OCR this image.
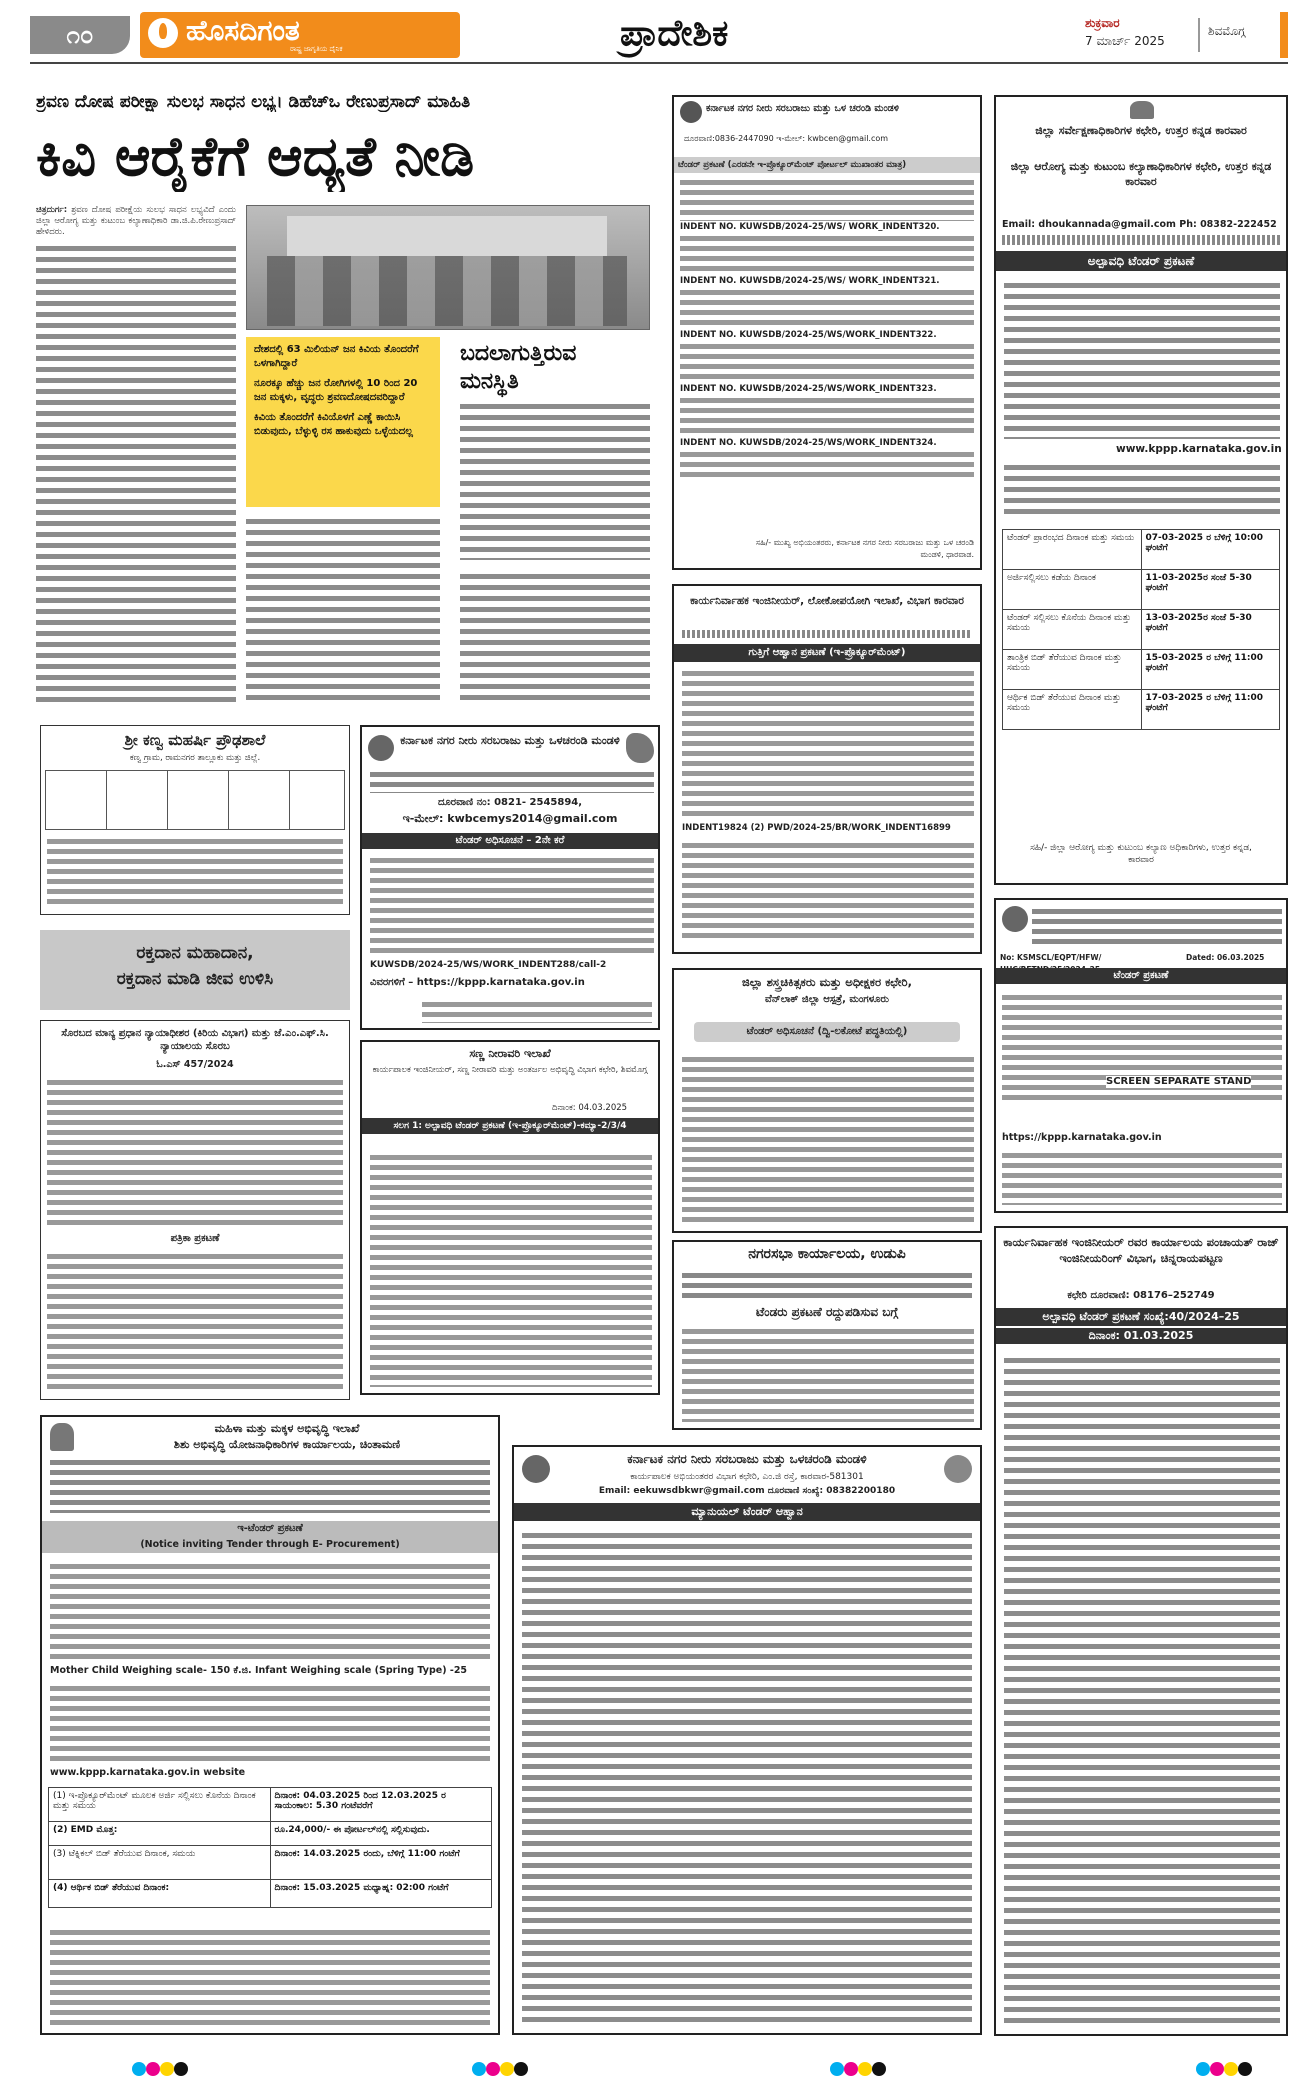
೧೦	ಹೊಸದಿಗಂತ
ರಾಷ್ಟ್ರ ಜಾಗೃತಿಯ ದೈನಿಕ	ಪ್ರಾದೇಶಿಕ	ಶುಕ್ರವಾರ
7 ಮಾರ್ಚ್ 2025
ಶಿವಮೊಗ್ಗ
ಶ್ರವಣ ದೋಷ ಪರೀಕ್ಷಾ ಸುಲಭ ಸಾಧನ ಲಭ್ಯ। ಡಿಹೆಚ್‌ಒ ರೇಣುಪ್ರಸಾದ್ ಮಾಹಿತಿ
ಕಿವಿ ಆರೈಕೆಗೆ ಆದ್ಯತೆ ನೀಡಿ
ಚಿತ್ರದುರ್ಗ: ಶ್ರವಣ ದೋಷ ಪರೀಕ್ಷೆಯ ಸುಲಭ ಸಾಧನ ಲಭ್ಯವಿದೆ ಎಂದು ಜಿಲ್ಲಾ ಆರೋಗ್ಯ ಮತ್ತು ಕುಟುಂಬ ಕಲ್ಯಾಣಾಧಿಕಾರಿ ಡಾ.ಜಿ.ಪಿ.ರೇಣುಪ್ರಸಾದ್ ಹೇಳಿದರು.
ದೇಶದಲ್ಲಿ 63 ಮಿಲಿಯನ್ ಜನ ಕಿವಿಯ ತೊಂದರೆಗೆ ಒಳಗಾಗಿದ್ದಾರೆ
ನೂರಕ್ಕೂ ಹೆಚ್ಚು ಜನ ರೋಗಿಗಳಲ್ಲಿ 10 ರಿಂದ 20 ಜನ ಮಕ್ಕಳು, ವೃದ್ಧರು ಶ್ರವಣದೋಷದವರಿದ್ದಾರೆ
ಕಿವಿಯ ತೊಂದರೆಗೆ ಕಿವಿಯೊಳಗೆ ಎಣ್ಣೆ ಕಾಯಿಸಿ ಬಿಡುವುದು, ಬೆಳ್ಳುಳ್ಳಿ ರಸ ಹಾಕುವುದು ಒಳ್ಳೆಯದಲ್ಲ
ಬದಲಾಗುತ್ತಿರುವ ಮನಸ್ಥಿತಿ
ಕರ್ನಾಟಕ ನಗರ ನೀರು ಸರಬರಾಜು ಮತ್ತು ಒಳ ಚರಂಡಿ ಮಂಡಳಿ
ದೂರವಾಣಿ:0836-2447090 ಇ-ಮೇಲ್: kwbcen@gmail.com
ಟೆಂಡರ್ ಪ್ರಕಟಣೆ (ಎರಡನೇ ಇ-ಪ್ರೊಕ್ಯೂರ್‌ಮೆಂಟ್ ಪೋರ್ಟಲ್ ಮುಖಾಂತರ ಮಾತ್ರ)
INDENT NO. KUWSDB/2024-25/WS/ WORK_INDENT320.
INDENT NO. KUWSDB/2024-25/WS/ WORK_INDENT321.
INDENT NO. KUWSDB/2024-25/WS/WORK_INDENT322.
INDENT NO. KUWSDB/2024-25/WS/WORK_INDENT323.
INDENT NO. KUWSDB/2024-25/WS/WORK_INDENT324.
ಸಹಿ/- ಮುಖ್ಯ ಅಭಿಯಂತರರು, ಕರ್ನಾಟಕ ನಗರ ನೀರು ಸರಬರಾಜು ಮತ್ತು ಒಳ ಚರಂಡಿ ಮಂಡಳಿ, ಧಾರವಾಡ.
ಜಿಲ್ಲಾ ಸರ್ವೇಕ್ಷಣಾಧಿಕಾರಿಗಳ ಕಛೇರಿ, ಉತ್ತರ ಕನ್ನಡ ಕಾರವಾರ
ಜಿಲ್ಲಾ ಆರೋಗ್ಯ ಮತ್ತು ಕುಟುಂಬ ಕಲ್ಯಾಣಾಧಿಕಾರಿಗಳ ಕಛೇರಿ, ಉತ್ತರ ಕನ್ನಡ ಕಾರವಾರ
Email: dhoukannada@gmail.com Ph: 08382-222452
ಅಲ್ಪಾವಧಿ ಟೆಂಡರ್ ಪ್ರಕಟಣೆ
www.kppp.karnataka.gov.in
ಟೆಂಡರ್ ಪ್ರಾರಂಭದ ದಿನಾಂಕ ಮತ್ತು ಸಮಯ	07-03-2025 ರ ಬೆಳಿಗ್ಗೆ 10:00 ಘಂಟೆಗೆ
ಅರ್ಜಿಸಲ್ಲಿಸಲು ಕಡೆಯ ದಿನಾಂಕ	11-03-2025ರ ಸಂಜೆ 5-30 ಘಂಟೆಗೆ
ಟೆಂಡರ್ ಸಲ್ಲಿಸಲು ಕೊನೆಯ ದಿನಾಂಕ ಮತ್ತು ಸಮಯ	13-03-2025ರ ಸಂಜೆ 5-30 ಘಂಟೆಗೆ
ತಾಂತ್ರಿಕ ಬಿಡ್ ತೆರೆಯುವ ದಿನಾಂಕ ಮತ್ತು ಸಮಯ	15-03-2025 ರ ಬೆಳಿಗ್ಗೆ 11:00 ಘಂಟೆಗೆ
ಆರ್ಥಿಕ ಬಿಡ್ ತೆರೆಯುವ ದಿನಾಂಕ ಮತ್ತು ಸಮಯ	17-03-2025 ರ ಬೆಳಿಗ್ಗೆ 11:00 ಘಂಟೆಗೆ
ಸಹಿ/- ಜಿಲ್ಲಾ ಆರೋಗ್ಯ ಮತ್ತು ಕುಟುಂಬ ಕಲ್ಯಾಣ ಅಧಿಕಾರಿಗಳು, ಉತ್ತರ ಕನ್ನಡ, ಕಾರವಾರ
ಕಾರ್ಯನಿರ್ವಾಹಕ ಇಂಜಿನೀಯರ್, ಲೋಕೋಪಯೋಗಿ ಇಲಾಖೆ, ವಿಭಾಗ ಕಾರವಾರ
ಗುತ್ತಿಗೆ ಆಹ್ವಾನ ಪ್ರಕಟಣೆ (ಇ-ಪ್ರೊಕ್ಯೂರ್‌ಮೆಂಟ್)
INDENT19824 (2) PWD/2024-25/BR/WORK_INDENT16899
ಶ್ರೀ ಕಣ್ವ ಮಹರ್ಷಿ ಪ್ರೌಢಶಾಲೆ
ಕಣ್ವ ಗ್ರಾಮ, ರಾಮನಗರ ತಾಲ್ಲೂಕು ಮತ್ತು ಜಿಲ್ಲೆ.
ರಕ್ತದಾನ ಮಹಾದಾನ,
ರಕ್ತದಾನ ಮಾಡಿ ಜೀವ ಉಳಿಸಿ
ಕರ್ನಾಟಕ ನಗರ ನೀರು ಸರಬರಾಜು ಮತ್ತು ಒಳಚರಂಡಿ ಮಂಡಳಿ
ದೂರವಾಣಿ ನಂ: 0821- 2545894,
ಇ-ಮೇಲ್: kwbcemys2014@gmail.com
ಟೆಂಡರ್ ಅಧಿಸೂಚನೆ – 2ನೇ ಕರೆ
KUWSDB/2024-25/WS/WORK_INDENT288/call-2
ವಿವರಗಳಿಗೆ – https://kppp.karnataka.gov.in
ಸೊರಬದ ಮಾನ್ಯ ಪ್ರಧಾನ ನ್ಯಾಯಾಧೀಶರ (ಕಿರಿಯ ವಿಭಾಗ) ಮತ್ತು ಜೆ.ಎಂ.ಎಫ್.ಸಿ. ನ್ಯಾಯಾಲಯ ಸೊರಬ
ಓ.ಎಸ್ 457/2024
ಪತ್ರಿಕಾ ಪ್ರಕಟಣೆ
ಸಣ್ಣ ನೀರಾವರಿ ಇಲಾಖೆ
ಕಾರ್ಯಪಾಲಕ ಇಂಜಿನೀಯರ್, ಸಣ್ಣ ನೀರಾವರಿ ಮತ್ತು ಅಂತರ್ಜಲ ಅಭಿವೃದ್ಧಿ ವಿಭಾಗ ಕಛೇರಿ, ಶಿವಮೊಗ್ಗ
ದಿನಾಂಕ: 04.03.2025
ಸಲಗ 1: ಅಲ್ಪಾವಧಿ ಟೆಂಡರ್ ಪ್ರಕಟಣೆ (ಇ-ಪ್ರೊಕ್ಯೂರ್‌ಮೆಂಟ್)-ಕಮ್ಯಾ-2/3/4
ಜಿಲ್ಲಾ ಶಸ್ತ್ರಚಿಕಿತ್ಸಕರು ಮತ್ತು ಅಧೀಕ್ಷಕರ ಕಛೇರಿ,
ವೆನ್‌ಲಾಕ್ ಜಿಲ್ಲಾ ಆಸ್ಪತ್ರೆ, ಮಂಗಳೂರು
ಟೆಂಡರ್ ಅಧಿಸೂಚನೆ (ದ್ವಿ-ಲಕೋಟೆ ಪದ್ಧತಿಯಲ್ಲಿ)
No: KSMSCL/EQPT/HFW/	Dated: 06.03.2025
ಟೆಂಡರ್ ಪ್ರಕಟಣೆ
SCREEN SEPARATE STAND
https://kppp.karnataka.gov.in
ನಗರಸಭಾ ಕಾರ್ಯಾಲಯ, ಉಡುಪಿ
ಟೆಂಡರು ಪ್ರಕಟಣೆ ರದ್ದುಪಡಿಸುವ ಬಗ್ಗೆ
ಕಾರ್ಯನಿರ್ವಾಹಕ ಇಂಜಿನೀಯರ್ ರವರ ಕಾರ್ಯಾಲಯ ಪಂಚಾಯತ್ ರಾಜ್ ಇಂಜಿನೀಯರಿಂಗ್ ವಿಭಾಗ, ಚಿನ್ನರಾಯಪಟ್ಟಣ
ಕಛೇರಿ ದೂರವಾಣಿ: 08176–252749
ಅಲ್ಪಾವಧಿ ಟೆಂಡರ್ ಪ್ರಕಟಣೆ ಸಂಖ್ಯೆ:40/2024–25
ದಿನಾಂಕ: 01.03.2025
ಮಹಿಳಾ ಮತ್ತು ಮಕ್ಕಳ ಅಭಿವೃದ್ಧಿ ಇಲಾಖೆ
ಶಿಶು ಅಭಿವೃದ್ಧಿ ಯೋಜನಾಧಿಕಾರಿಗಳ ಕಾರ್ಯಾಲಯ, ಚಿಂತಾಮಣಿ
ಇ-ಟೆಂಡರ್ ಪ್ರಕಟಣೆ
(Notice inviting Tender through E- Procurement)
Mother Child Weighing scale- 150 ಕೆ.ಜಿ. Infant Weighing scale (Spring Type) -25
www.kppp.karnataka.gov.in website
(1) ಇ-ಪ್ರೊಕ್ಯೂರ್‌ಮೆಂಟ್ ಮೂಲಕ ಅರ್ಜಿ ಸಲ್ಲಿಸಲು ಕೊನೆಯ ದಿನಾಂಕ ಮತ್ತು ಸಮಯ	ದಿನಾಂಕ: 04.03.2025 ರಿಂದ 12.03.2025 ರ ಸಾಯಂಕಾಲ: 5.30 ಗಂಟೆವರೆಗೆ
(2) EMD ಮೊತ್ತ:	ರೂ.24,000/- ಈ ಪೋರ್ಟಲ್‌ನಲ್ಲಿ ಸಲ್ಲಿಸುವುದು.
(3) ಟೆಕ್ನಿಕಲ್ ಬಿಡ್ ತೆರೆಯುವ ದಿನಾಂಕ, ಸಮಯ	ದಿನಾಂಕ: 14.03.2025 ರಂದು, ಬೆಳಿಗ್ಗೆ 11:00 ಗಂಟೆಗೆ
(4) ಆರ್ಥಿಕ ಬಿಡ್ ತೆರೆಯುವ ದಿನಾಂಕ:	ದಿನಾಂಕ: 15.03.2025 ಮಧ್ಯಾಹ್ನ: 02:00 ಗಂಟೆಗೆ
ಕರ್ನಾಟಕ ನಗರ ನೀರು ಸರಬರಾಜು ಮತ್ತು ಒಳಚರಂಡಿ ಮಂಡಳಿ
ಕಾರ್ಯಪಾಲಕ ಅಭಿಯಂತರರ ವಿಭಾಗ ಕಛೇರಿ, ಎಂ.ಜಿ ರಸ್ತೆ, ಕಾರವಾರ-581301
Email: eekuwsdbkwr@gmail.com ದೂರವಾಣಿ ಸಂಖ್ಯೆ: 08382200180
ಮ್ಯಾನುಯಲ್ ಟೆಂಡರ್ ಆಹ್ವಾನ
